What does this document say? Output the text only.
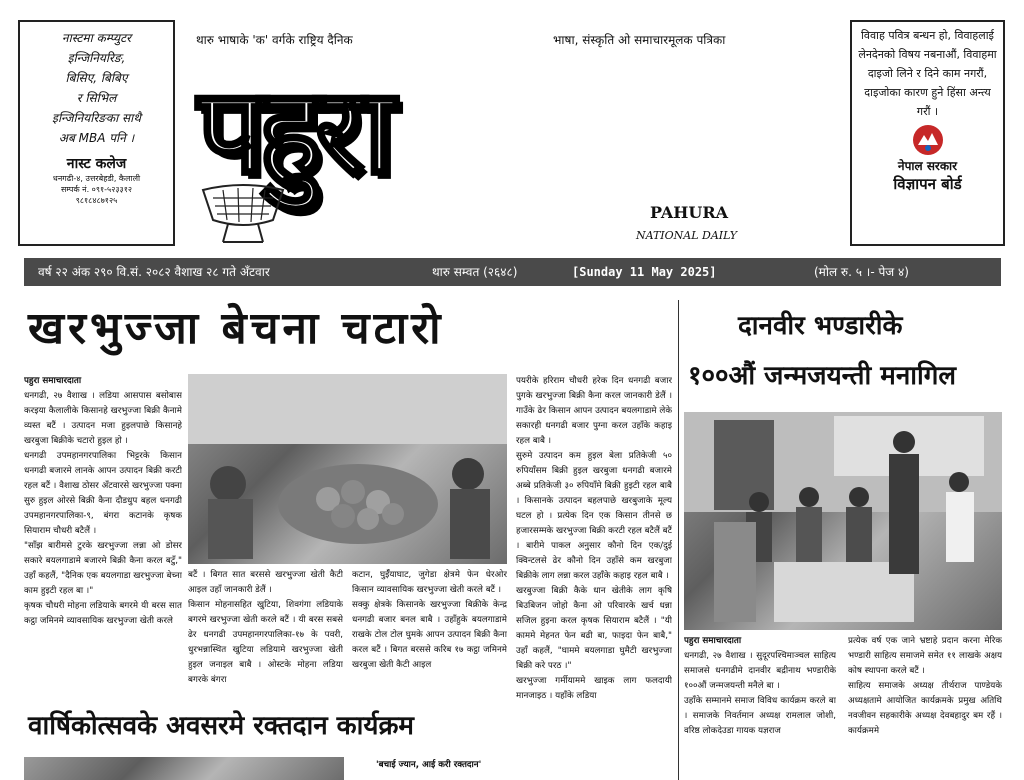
नास्टमा कम्प्युटर
इन्जिनियरिङ,
बिसिए, बिबिए
र सिभिल
इन्जिनियरिङका साथै
अब MBA पनि ।
नास्ट कलेज
धनगढी-४, उत्तरबेहडी, कैलाली
सम्पर्क नं. ०९१-५२३३१२
९८१८४८७१२५
थारु भाषाके 'क' वर्गके राष्ट्रिय दैनिक	भाषा, संस्कृति ओ समाचारमूलक पत्रिका
पहुरा
PAHURA
NATIONAL DAILY
विवाह पवित्र बन्धन हो, विवाहलाई लेनदेनको विषय नबनाऔं, विवाहमा दाइजो लिने र दिने काम नगरौं, दाइजोका कारण हुने हिंसा अन्त्य गरौं ।
नेपाल सरकार
विज्ञापन बोर्ड
वर्ष २२ अंक २९० वि.सं. २०८२ वैशाख २८ गते अँटवार	थारु सम्वत (२६४८)	[Sunday 11 May 2025]	(मोल रु. ५ ।- पेज ४)
खरभुज्जा बेचना चटारो	दानवीर भण्डारीके
१००औं जन्मजयन्ती मनागिल
पहुरा समाचारदाता
धनगढी, २७ वैशाख । लडिया आसपास बसोबास करइया कैलालीके किसानहे खरभुज्जा बिक्री कैनामे व्यस्त बटैं । उत्पादन मजा हुइलपाछे किसानहे खरबुजा बिक्रीके चटारो हुइल हो ।
धनगढी उपमहानगरपालिका भिट्टरके किसान धनगढी बजारमे लानके आपन उत्पादन बिक्री करटी रहल बटैं । वैशाख ठोसर अँटवारसे खरभुज्जा पक्ना सुरु हुइल ओरसे बिक्री कैना दौडधुप बहल धनगढी उपमहानगरपालिका-९, बंगरा कटानके कृषक सियाराम चौधरी बटैलैं ।
"साँझ बारीमसे टुरके खरभुज्जा लन्ना ओ डोसर सकारे बयलगाडामे बजारमे बिक्री कैना करल बटुँ," उहाँ कहलैं, "दैनिक एक बयलगाडा खरभुज्जा बेच्ना काम हुइटी रहल बा ।"
कृषक चौधरी मोहना लडियाके बगरमे यी बरस सात कट्ठा जमिनमे व्यावसायिक खरभुज्जा खेती करले
बटैं । बिगत सात बरससे खरभुज्जा खेती कैटी आइल उहाँ जानकारी डेलैं ।
किसान मोहनासहित खुटिया, शिवगंगा लडियाके बगरमे खरभुज्जा खेती करले बटैं । यी बरस सबसे ढेर धनगढी उपमहानगरपालिका-१७ के पवरी, धुरभन्नास्थित खुटिया लडियामे खरभुज्जा खेती हुइल जनाइल बाबै । ओस्टके मोहना लडिया बगरके बंगरा
कटान, घुईँयाघाट, जुगेडा क्षेत्रमे फेन धेरओर किसान व्यावसायिक खरभुज्जा खेती करले बटैं ।
सक्कु क्षेत्रके किसानके खरभुज्जा बिक्रीके केन्द्र धनगढी बजार बनल बाबै । उहाँहुके बयलगाडामे राखके टोल टोल घुमके आपन उत्पादन बिक्री कैना करल बटैं । बिगत बरससे करिब १७ कट्ठा जमिनमे खरबुजा खेती कैटी आइल
पयरीके हरिराम चौधरी हरेक दिन धनगढी बजार पुगके खरभुज्जा बिक्री कैना करल जानकारी डेलैं । गाउँके ढेर किसान आपन उत्पादन बयलगाडामे लेके सकारही धनगढी बजार पुग्ना करल उहाँके कहाइ रहल बाबै ।
सुरुमे उत्पादन कम हुइल बेला प्रतिकेजी ५० रुपियाँसम बिक्री हुइल खरबुजा धनगढी बजारमे अब्बे प्रतिकेजी ३० रुपियाँमे बिक्री हुइटी रहल बाबै । किसानके उत्पादन बहलपाछे खरबुजाके मूल्य घटल हो । प्रत्येक दिन एक किसान तीनसे छ हजारसम्मके खरभुज्जा बिक्री करटी रहल बटैलैं बटैं । बारीमे पाकल अनुसार कौनो दिन एक/दुई क्विन्टलसे ढेर कौनो दिन उहाँसे कम खरबुजा बिक्रीके लाग लन्ना करल उहाँके कहाइ रहल बाबै ।
खरबुज्जा बिक्री कैके धान खेतीके लाग कृषि बिउबिजन जोहो कैना ओ परिवारके खर्च धन्ना सजिल हुइना करल कृषक सियाराम बटैलैं । "यी काममे मेहनत फेन बढी बा, फाइदा फेन बाबै," उहाँ कहलैं, "घाममे बयलगाडा घुमैटी खरभुज्जा बिक्री करे परठ ।"
खरभुज्जा गर्मीयाममे खाइक लाग फलदायी मानजाइठ । यहाँके लडिया
पहुरा समाचारदाता
धनगढी, २७ वैशाख । सुदूरपश्चिमाञ्चल साहित्य समाजसे धनगढीमे दानवीर बद्रीनाथ भण्डारीके १००औं जन्मजयन्ती मनैले बा ।
उहाँके सम्मानमे समाज विविध कार्यक्रम करले बा । समाजके निवर्तमान अध्यक्ष रामलाल जोशी, वरिष्ठ लोकदेउडा गायक यज्ञराज
प्रत्येक वर्ष एक जाने भ्रष्टाहे प्रदान करना मेरिक भण्डारी साहित्य समाजमे समेत ११ लाखके अक्षय कोष स्थापना करले बटैं ।
साहित्य समाजके अध्यक्ष तीर्थराज पाण्डेयके अध्यक्षतामे आयोजित कार्यक्रमके प्रमुख अतिथि नवजीवन सहकारीके अध्यक्ष देवबहादुर बम रहैं । कार्यक्रममे
वार्षिकोत्सवके अवसरमे रक्तदान कार्यक्रम
'बचाई ज्यान, आई करी रक्तदान'
